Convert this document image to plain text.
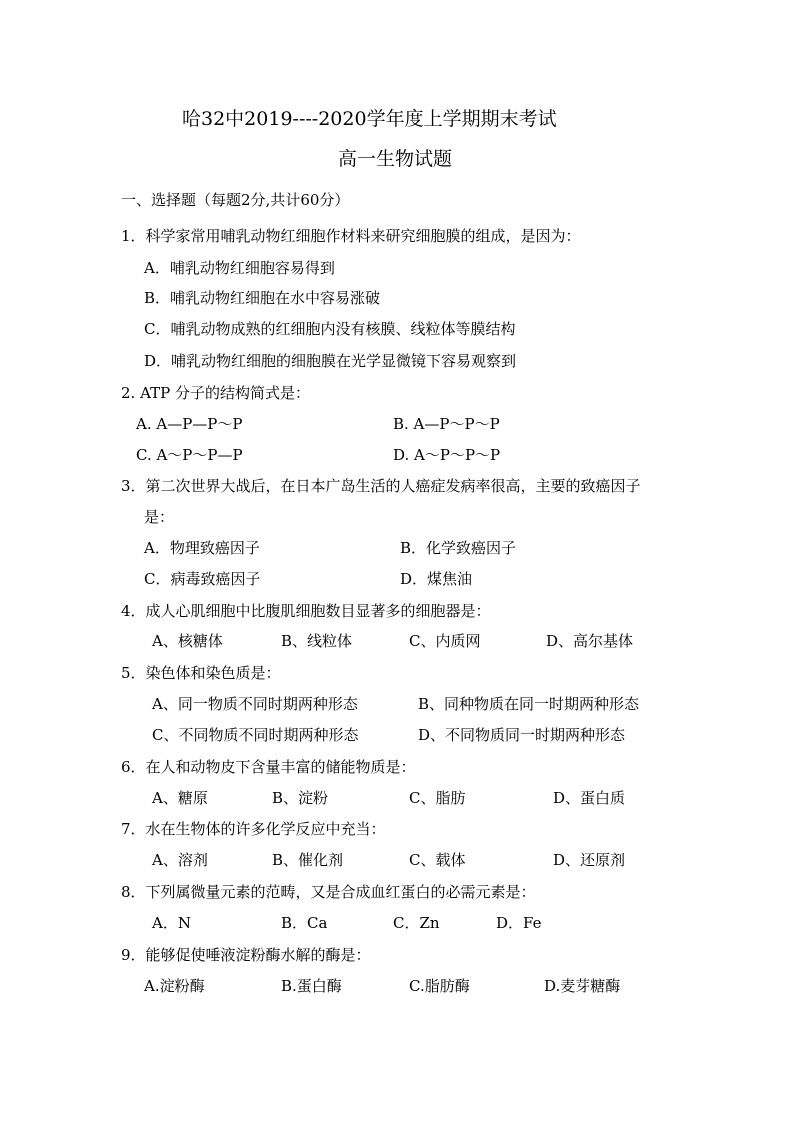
哈32中2019----2020学年度上学期期末考试
高一生物试题
一、选择题（每题2分,共计60分）
1．科学家常用哺乳动物红细胞作材料来研究细胞膜的组成，是因为：
A．哺乳动物红细胞容易得到
B．哺乳动物红细胞在水中容易涨破
C．哺乳动物成熟的红细胞内没有核膜、线粒体等膜结构
D．哺乳动物红细胞的细胞膜在光学显微镜下容易观察到
2. ATP 分子的结构简式是：
A. A—P—P～P	B. A—P～P～P
C. A～P～P—P	D. A～P～P～P
3．第二次世界大战后，在日本广岛生活的人癌症发病率很高，主要的致癌因子
是：
A．物理致癌因子	B．化学致癌因子
C．病毒致癌因子	D．煤焦油
4．成人心肌细胞中比腹肌细胞数目显著多的细胞器是：
A、核糖体	B、线粒体	C、内质网	D、高尔基体
5．染色体和染色质是：
A、同一物质不同时期两种形态	B、同种物质在同一时期两种形态
C、不同物质不同时期两种形态	D、不同物质同一时期两种形态
6．在人和动物皮下含量丰富的储能物质是：
A、糖原	B、淀粉	C、脂肪	D、蛋白质
7．水在生物体的许多化学反应中充当：
A、溶剂	B、催化剂	C、载体	D、还原剂
8．下列属微量元素的范畴，又是合成血红蛋白的必需元素是：
A．N	B．Ca	C．Zn	D．Fe
9．能够促使唾液淀粉酶水解的酶是：
A.淀粉酶	B.蛋白酶	C.脂肪酶	D.麦芽糖酶
